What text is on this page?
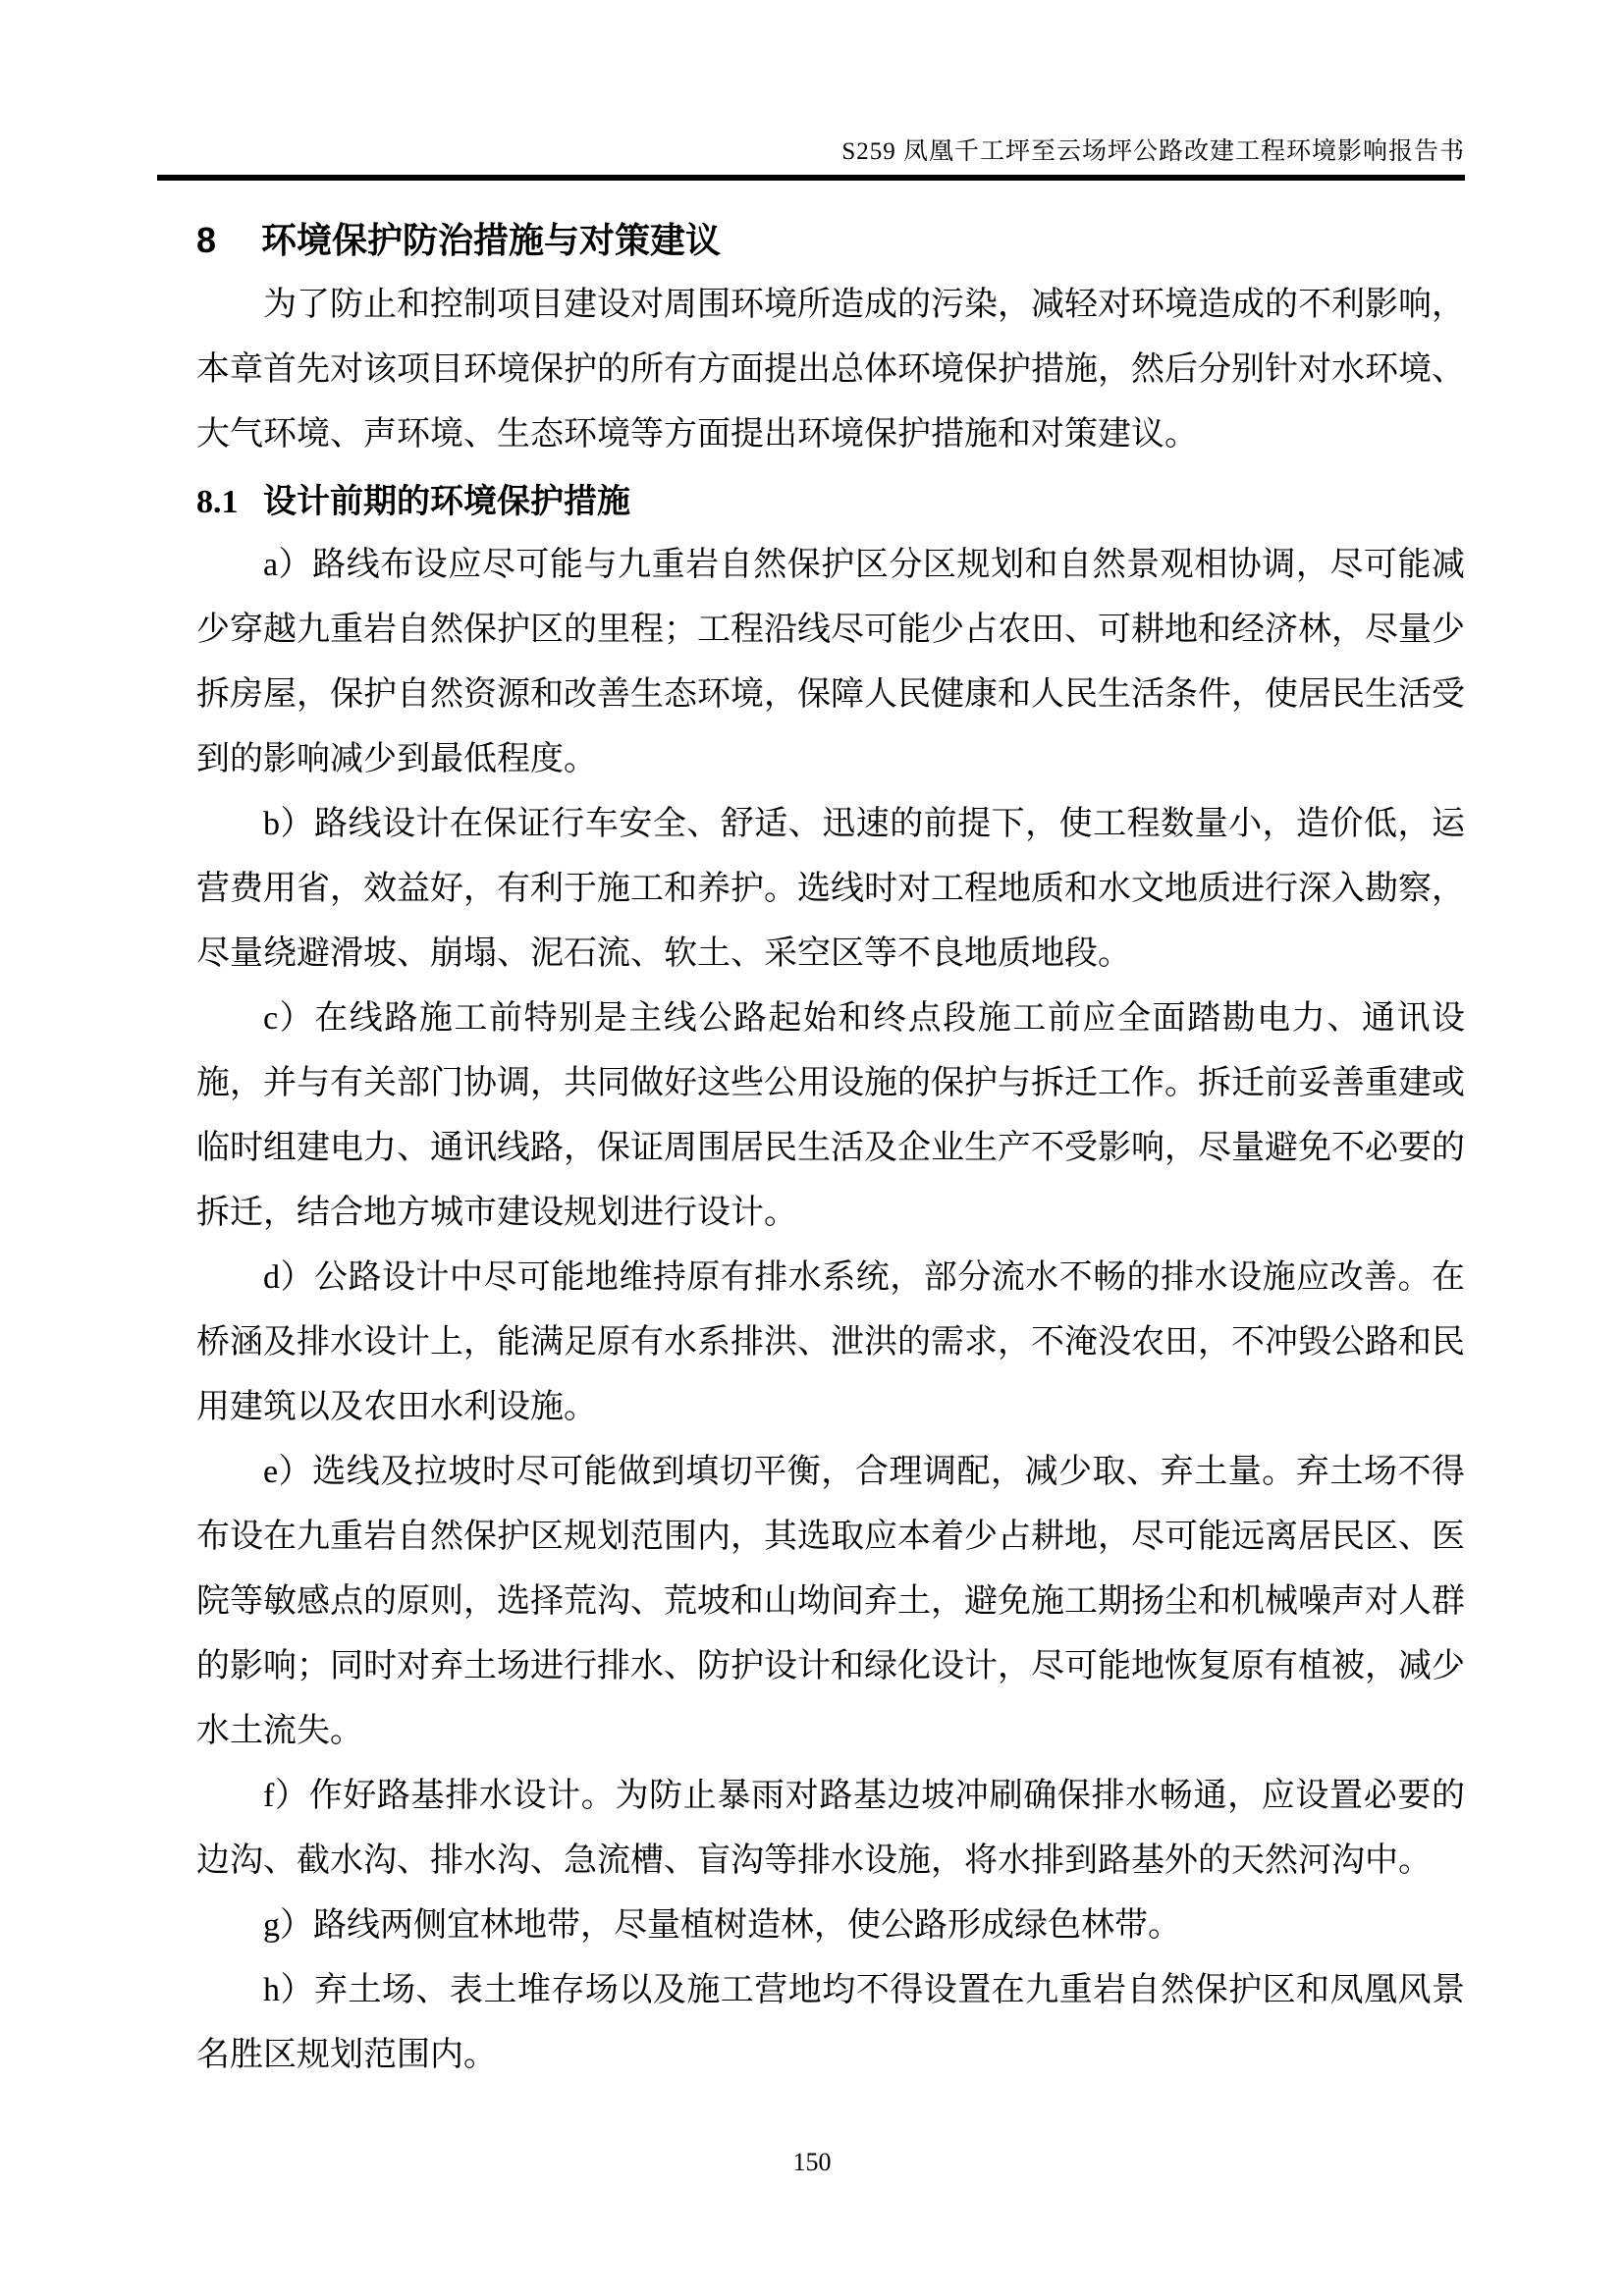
S259 凤凰千工坪至云场坪公路改建工程环境影响报告书
8 环境保护防治措施与对策建议

为了防止和控制项目建设对周围环境所造成的污染，减轻对环境造成的不利影响，本章首先对该项目环境保护的所有方面提出总体环境保护措施，然后分别针对水环境、大气环境、声环境、生态环境等方面提出环境保护措施和对策建议。

8.1 设计前期的环境保护措施

a）路线布设应尽可能与九重岩自然保护区分区规划和自然景观相协调，尽可能减少穿越九重岩自然保护区的里程；工程沿线尽可能少占农田、可耕地和经济林，尽量少拆房屋，保护自然资源和改善生态环境，保障人民健康和人民生活条件，使居民生活受到的影响减少到最低程度。

b）路线设计在保证行车安全、舒适、迅速的前提下，使工程数量小，造价低，运营费用省，效益好，有利于施工和养护。选线时对工程地质和水文地质进行深入勘察，尽量绕避滑坡、崩塌、泥石流、软土、采空区等不良地质地段。

c）在线路施工前特别是主线公路起始和终点段施工前应全面踏勘电力、通讯设施，并与有关部门协调，共同做好这些公用设施的保护与拆迁工作。拆迁前妥善重建或临时组建电力、通讯线路，保证周围居民生活及企业生产不受影响，尽量避免不必要的拆迁，结合地方城市建设规划进行设计。

d）公路设计中尽可能地维持原有排水系统，部分流水不畅的排水设施应改善。在桥涵及排水设计上，能满足原有水系排洪、泄洪的需求，不淹没农田，不冲毁公路和民用建筑以及农田水利设施。

e）选线及拉坡时尽可能做到填切平衡，合理调配，减少取、弃土量。弃土场不得布设在九重岩自然保护区规划范围内，其选取应本着少占耕地，尽可能远离居民区、医院等敏感点的原则，选择荒沟、荒坡和山坳间弃土，避免施工期扬尘和机械噪声对人群的影响；同时对弃土场进行排水、防护设计和绿化设计，尽可能地恢复原有植被，减少水土流失。

f）作好路基排水设计。为防止暴雨对路基边坡冲刷确保排水畅通，应设置必要的边沟、截水沟、排水沟、急流槽、盲沟等排水设施，将水排到路基外的天然河沟中。

g）路线两侧宜林地带，尽量植树造林，使公路形成绿色林带。

h）弃土场、表土堆存场以及施工营地均不得设置在九重岩自然保护区和凤凰风景名胜区规划范围内。

150
